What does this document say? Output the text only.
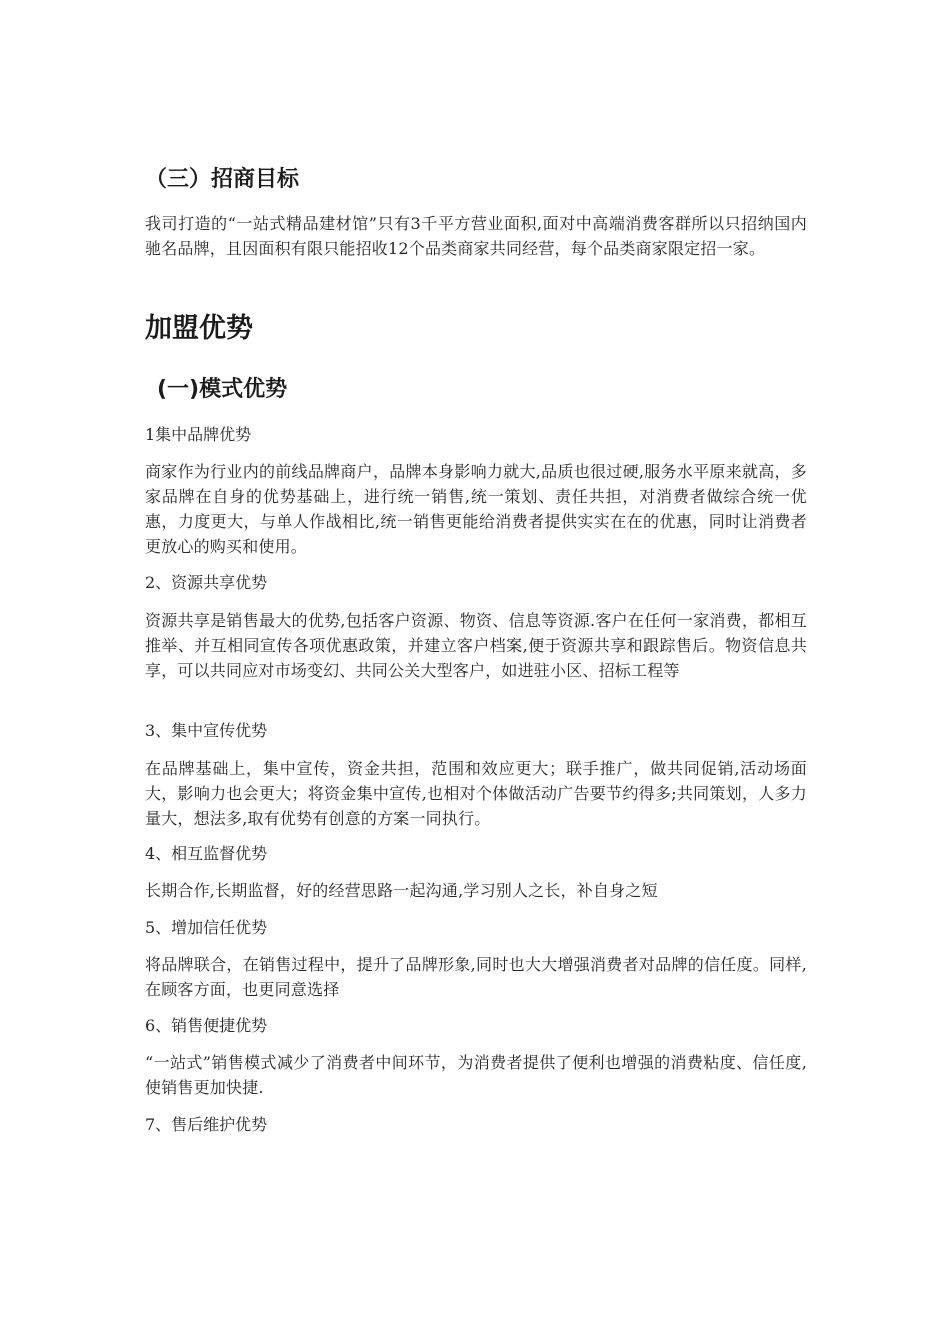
（三）招商目标
我司打造的“一站式精品建材馆”只有3千平方营业面积,面对中高端消费客群所以只招纳国内驰名品牌，且因面积有限只能招收12个品类商家共同经营，每个品类商家限定招一家。
加盟优势
(一)模式优势
1集中品牌优势
商家作为行业内的前线品牌商户，品牌本身影响力就大,品质也很过硬,服务水平原来就高，多家品牌在自身的优势基础上，进行统一销售,统一策划、责任共担，对消费者做综合统一优惠，力度更大，与单人作战相比,统一销售更能给消费者提供实实在在的优惠，同时让消费者更放心的购买和使用。
2、资源共享优势
资源共享是销售最大的优势,包括客户资源、物资、信息等资源.客户在任何一家消费，都相互推举、并互相同宣传各项优惠政策，并建立客户档案,便于资源共享和跟踪售后。物资信息共享，可以共同应对市场变幻、共同公关大型客户，如进驻小区、招标工程等
3、集中宣传优势
在品牌基础上，集中宣传，资金共担，范围和效应更大；联手推广，做共同促销,活动场面大，影响力也会更大；将资金集中宣传,也相对个体做活动广告要节约得多;共同策划，人多力量大，想法多,取有优势有创意的方案一同执行。
4、相互监督优势
长期合作,长期监督，好的经营思路一起沟通,学习别人之长，补自身之短
5、增加信任优势
将品牌联合，在销售过程中，提升了品牌形象,同时也大大增强消费者对品牌的信任度。同样,在顾客方面，也更同意选择
6、销售便捷优势
“一站式”销售模式减少了消费者中间环节，为消费者提供了便利也增强的消费粘度、信任度,使销售更加快捷.
7、售后维护优势
